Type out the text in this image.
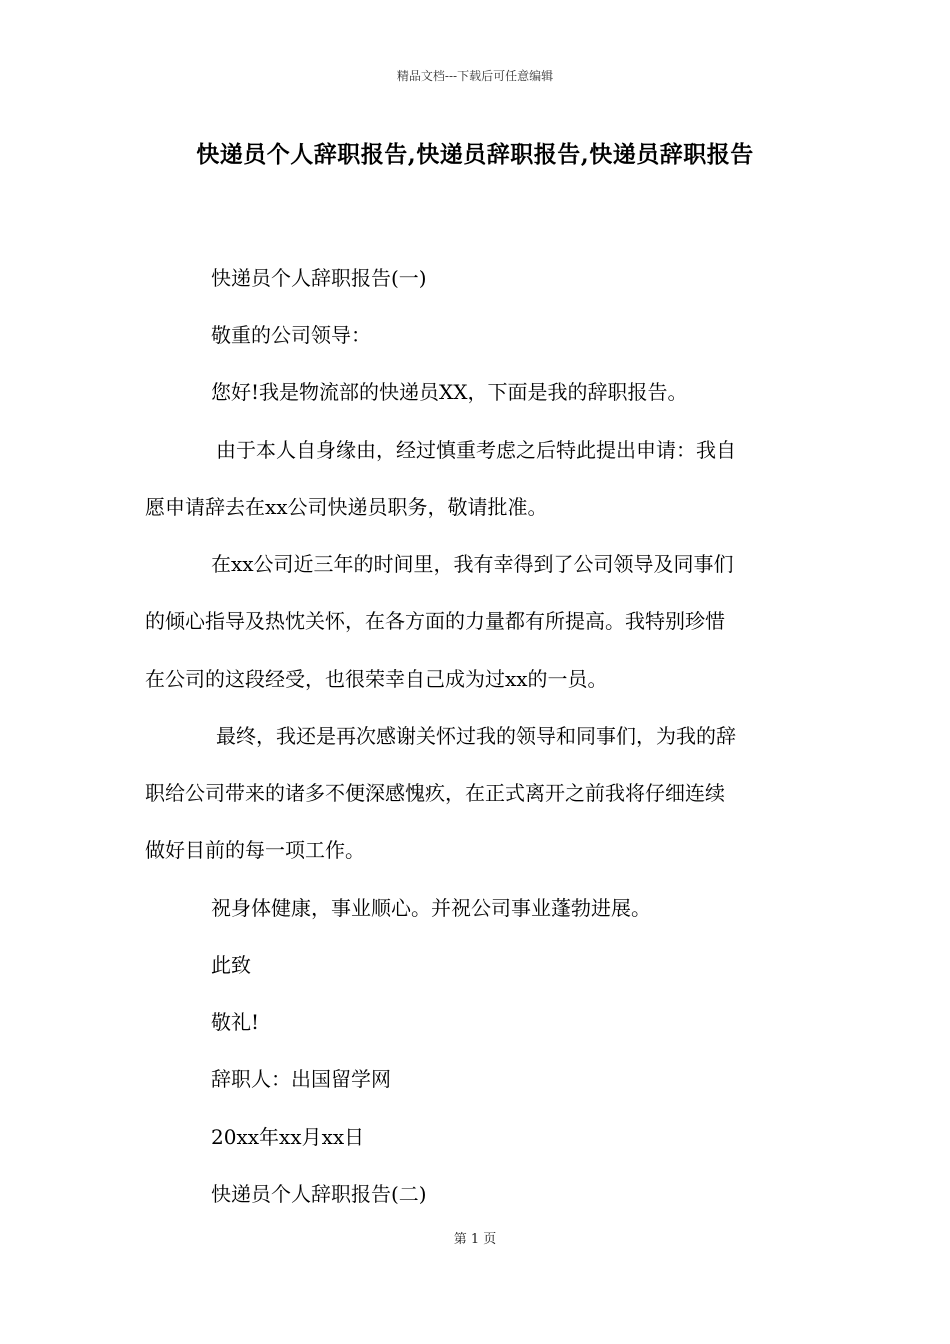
精品文档---下载后可任意编辑
快递员个人辞职报告,快递员辞职报告,快递员辞职报告
快递员个人辞职报告(一)
敬重的公司领导：
您好!我是物流部的快递员XX，下面是我的辞职报告。
由于本人自身缘由，经过慎重考虑之后特此提出申请：我自
愿申请辞去在xx公司快递员职务，敬请批准。
在xx公司近三年的时间里，我有幸得到了公司领导及同事们
的倾心指导及热忱关怀，在各方面的力量都有所提高。我特别珍惜
在公司的这段经受，也很荣幸自己成为过xx的一员。
最终，我还是再次感谢关怀过我的领导和同事们，为我的辞
职给公司带来的诸多不便深感愧疚，在正式离开之前我将仔细连续
做好目前的每一项工作。
祝身体健康，事业顺心。并祝公司事业蓬勃进展。
此致
敬礼!
辞职人：出国留学网
20xx年xx月xx日
快递员个人辞职报告(二)
第 1 页
